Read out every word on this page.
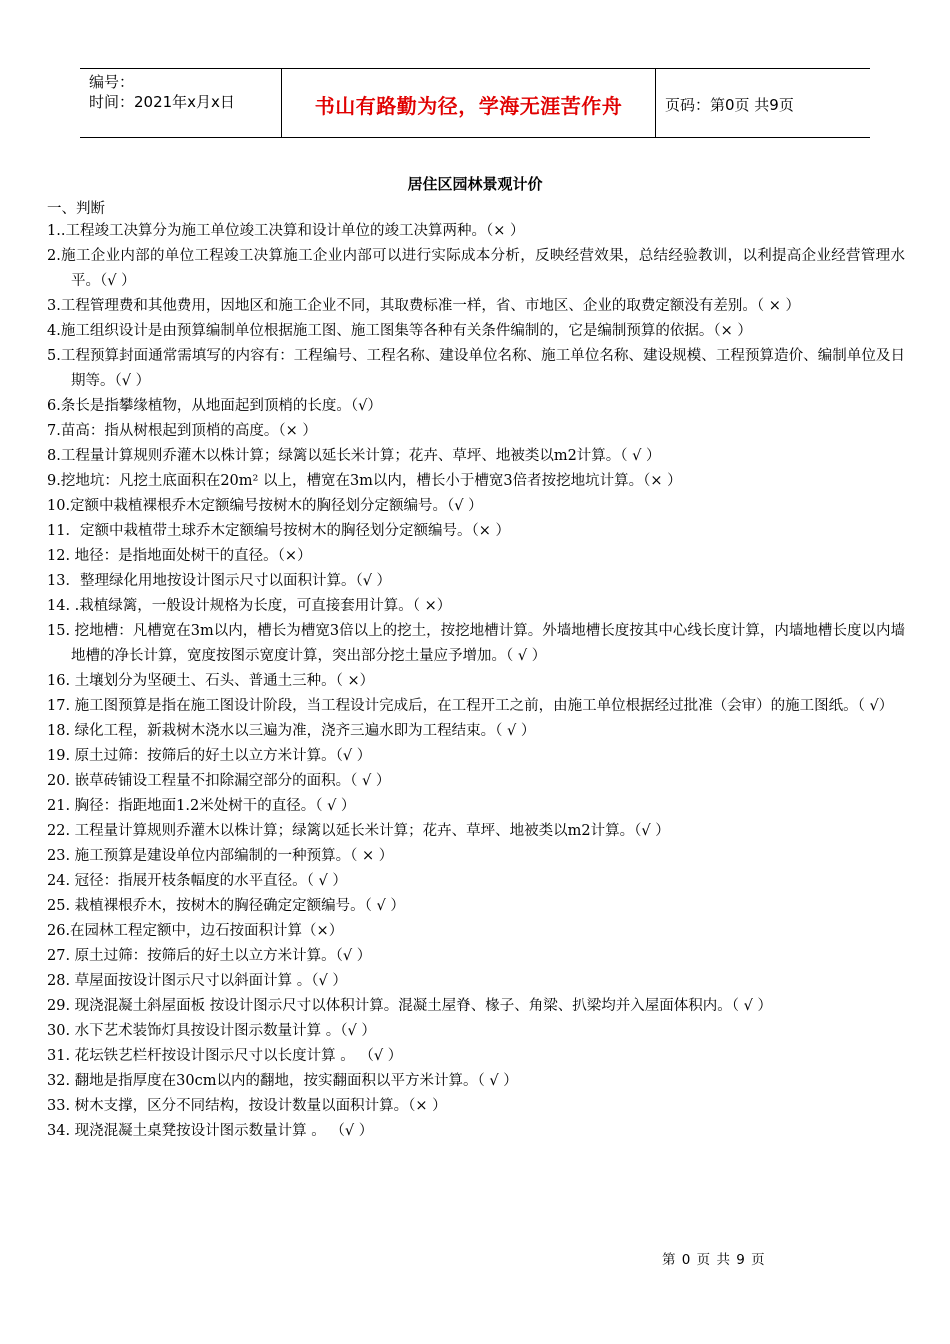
编号：
时间：2021年x月x日	书山有路勤为径，学海无涯苦作舟	页码：第0页 共9页
居住区园林景观计价
一、判断
1..工程竣工决算分为施工单位竣工决算和设计单位的竣工决算两种。（× ）
2.施工企业内部的单位工程竣工决算施工企业内部可以进行实际成本分析，反映经营效果，总结经验教训，以利提高企业经营管理水平。（√ ）
3.工程管理费和其他费用，因地区和施工企业不同，其取费标准一样，省、市地区、企业的取费定额没有差别。（ × ）
4.施工组织设计是由预算编制单位根据施工图、施工图集等各种有关条件编制的，它是编制预算的依据。（× ）
5.工程预算封面通常需填写的内容有：工程编号、工程名称、建设单位名称、施工单位名称、建设规模、工程预算造价、编制单位及日期等。（√ ）
6.条长是指攀缘植物，从地面起到顶梢的长度。（√）
7.苗高：指从树根起到顶梢的高度。（× ）
8.工程量计算规则乔灌木以株计算；绿篱以延长米计算；花卉、草坪、地被类以m2计算。（ √ ）
9.挖地坑：凡挖土底面积在20m² 以上，槽宽在3m以内，槽长小于槽宽3倍者按挖地坑计算。（× ）
10.定额中栽植裸根乔木定额编号按树木的胸径划分定额编号。（√ ）
11．定额中栽植带土球乔木定额编号按树木的胸径划分定额编号。（× ）
12. 地径：是指地面处树干的直径。（×）
13．整理绿化用地按设计图示尺寸以面积计算。（√ ）
14. .栽植绿篱，一般设计规格为长度，可直接套用计算。（ ×）
15. 挖地槽：凡槽宽在3m以内，槽长为槽宽3倍以上的挖土，按挖地槽计算。外墙地槽长度按其中心线长度计算，内墙地槽长度以内墙地槽的净长计算，宽度按图示宽度计算，突出部分挖土量应予增加。（ √ ）
16. 土壤划分为坚硬土、石头、普通土三种。（ ×）
17. 施工图预算是指在施工图设计阶段，当工程设计完成后，在工程开工之前，由施工单位根据经过批准（会审）的施工图纸。（ √）
18. 绿化工程，新栽树木浇水以三遍为准，浇齐三遍水即为工程结束。（ √ ）
19. 原土过筛：按筛后的好土以立方米计算。（√ ）
20. 嵌草砖铺设工程量不扣除漏空部分的面积。（ √ ）
21. 胸径：指距地面1.2米处树干的直径。（ √ ）
22. 工程量计算规则乔灌木以株计算；绿篱以延长米计算；花卉、草坪、地被类以m2计算。（√ ）
23. 施工预算是建设单位内部编制的一种预算。（ × ）
24. 冠径：指展开枝条幅度的水平直径。（ √ ）
25. 栽植裸根乔木，按树木的胸径确定定额编号。（ √ ）
26.在园林工程定额中，边石按面积计算（×）
27. 原土过筛：按筛后的好土以立方米计算。（√ ）
28. 草屋面按设计图示尺寸以斜面计算 。（√ ）
29. 现浇混凝土斜屋面板 按设计图示尺寸以体积计算。混凝土屋脊、椽子、角梁、扒梁均并入屋面体积内。（ √ ）
30. 水下艺术装饰灯具按设计图示数量计算 。（√ ）
31. 花坛铁艺栏杆按设计图示尺寸以长度计算 。 （√ ）
32. 翻地是指厚度在30cm以内的翻地，按实翻面积以平方米计算。（ √ ）
33. 树木支撑，区分不同结构，按设计数量以面积计算。（× ）
34. 现浇混凝土桌凳按设计图示数量计算 。 （√ ）
第 0 页 共 9 页
